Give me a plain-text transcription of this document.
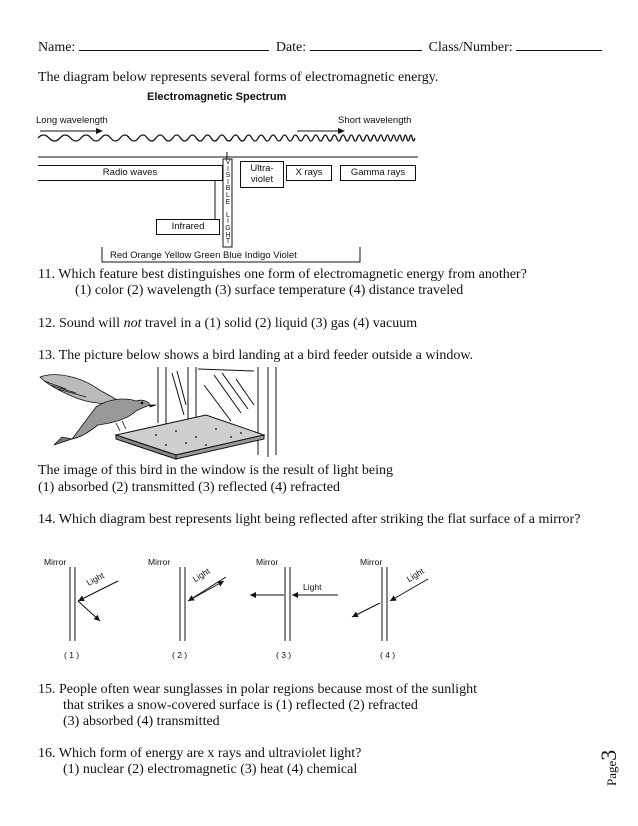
Name:	Date:	Class/Number:
The diagram below represents several forms of electromagnetic energy.
Electromagnetic Spectrum
Long wavelength	Short wavelength
Radio waves	Ultra-
violet
X rays	Gamma rays
Infrared
V
I
S
I
B
L
E
L
I
G
H
T
Red Orange Yellow Green Blue Indigo Violet
11. Which feature best distinguishes one form of electromagnetic energy from another?
(1) color (2) wavelength (3) surface temperature (4) distance traveled
12. Sound will not travel in a (1) solid (2) liquid (3) gas (4) vacuum
13. The picture below shows a bird landing at a bird feeder outside a window.
The image of this bird in the window is the result of light being
(1) absorbed (2) transmitted (3) reflected (4) refracted
14. Which diagram best represents light being reflected after striking the flat surface of a mirror?
Mirror	Mirror	Mirror	Mirror
Light	Light
Light
Light
( 1 )	( 2 )	( 3 )	( 4 )
15. People often wear sunglasses in polar regions because most of the sunlight
that strikes a snow-covered surface is (1) reflected (2) refracted
(3) absorbed (4) transmitted
16. Which form of energy are x rays and ultraviolet light?
(1) nuclear (2) electromagnetic (3) heat (4) chemical	Page3
